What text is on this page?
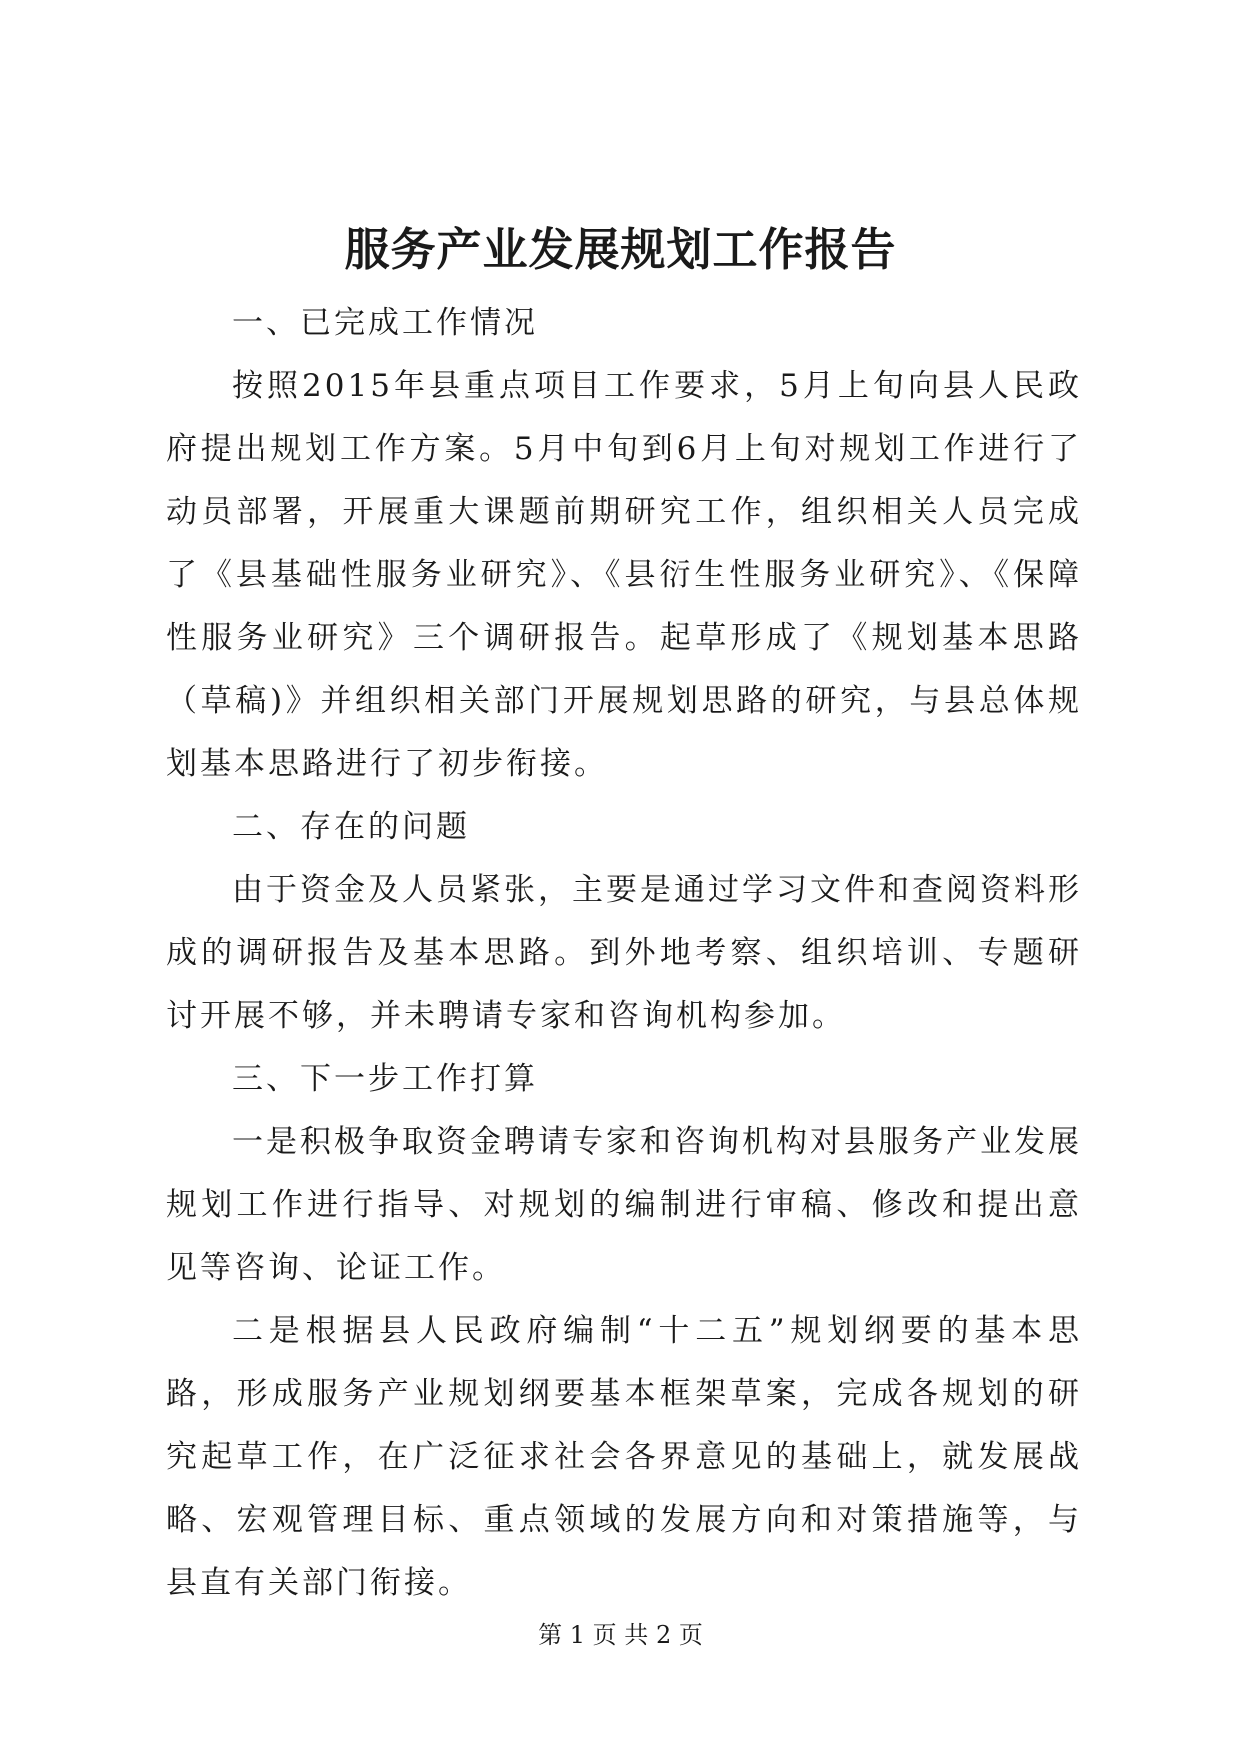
服务产业发展规划工作报告

一、已完成工作情况

按照2015年县重点项目工作要求，5月上旬向县人民政府提出规划工作方案。5月中旬到6月上旬对规划工作进行了动员部署，开展重大课题前期研究工作，组织相关人员完成了《县基础性服务业研究》、《县衍生性服务业研究》、《保障性服务业研究》三个调研报告。起草形成了《规划基本思路（草稿)》并组织相关部门开展规划思路的研究，与县总体规划基本思路进行了初步衔接。

二、存在的问题

由于资金及人员紧张，主要是通过学习文件和查阅资料形成的调研报告及基本思路。到外地考察、组织培训、专题研讨开展不够，并未聘请专家和咨询机构参加。

三、下一步工作打算

一是积极争取资金聘请专家和咨询机构对县服务产业发展规划工作进行指导、对规划的编制进行审稿、修改和提出意见等咨询、论证工作。

二是根据县人民政府编制“十二五”规划纲要的基本思路，形成服务产业规划纲要基本框架草案，完成各规划的研究起草工作，在广泛征求社会各界意见的基础上，就发展战略、宏观管理目标、重点领域的发展方向和对策措施等，与县直有关部门衔接。

第 1 页 共 2 页
